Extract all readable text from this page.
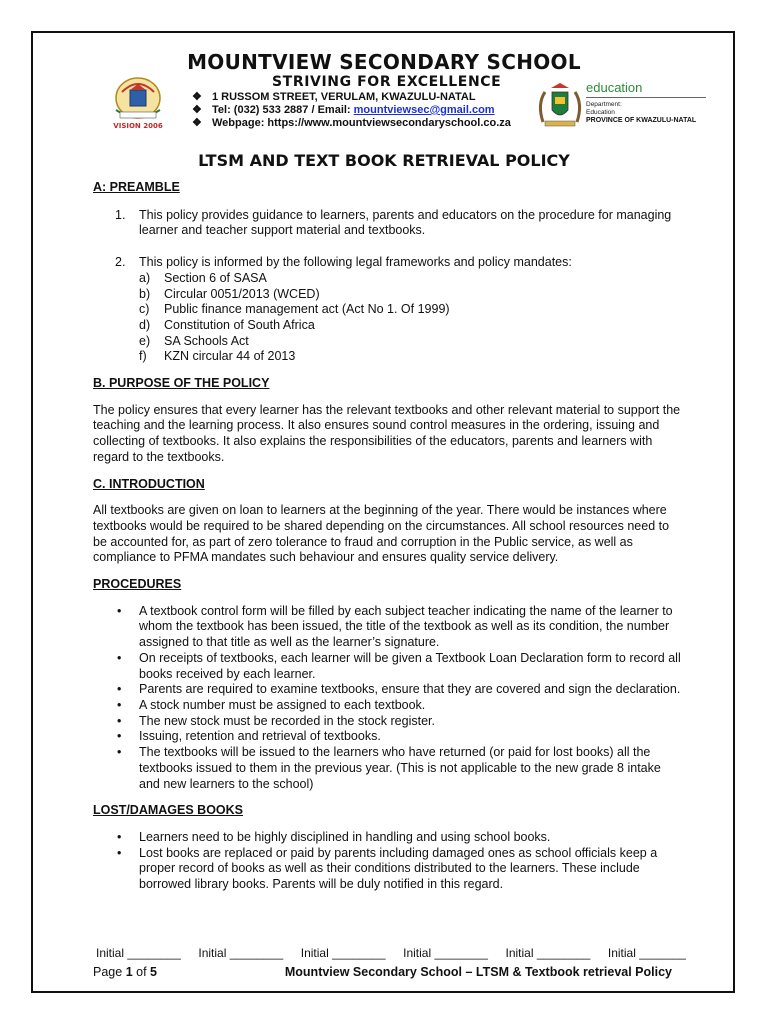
MOUNTVIEW SECONDARY SCHOOL
STRIVING FOR EXCELLENCE
VISION 2006
❖ 1 RUSSOM STREET, VERULAM, KWAZULU-NATAL
❖ Tel: (032) 533 2887 / Email: mountviewsec@gmail.com
❖ Webpage: https://www.mountviewsecondaryschool.co.za
education
Department:
Education
PROVINCE OF KWAZULU-NATAL
LTSM AND TEXT BOOK RETRIEVAL POLICY

A: PREAMBLE

1.	This policy provides guidance to learners, parents and educators on the procedure for managing learner and teacher support material and textbooks.
2.	This policy is informed by the following legal frameworks and policy mandates:
a)	Section 6 of SASA
b)	Circular 0051/2013 (WCED)
c)	Public finance management act (Act No 1. Of 1999)
d)	Constitution of South Africa
e)	SA Schools Act
f)	KZN circular 44 of 2013

B. PURPOSE OF THE POLICY

The policy ensures that every learner has the relevant textbooks and other relevant material to support the teaching and the learning process. It also ensures sound control measures in the ordering, issuing and collecting of textbooks. It also explains the responsibilities of the educators, parents and learners with regard to the textbooks.

C. INTRODUCTION

All textbooks are given on loan to learners at the beginning of the year. There would be instances where textbooks would be required to be shared depending on the circumstances. All school resources need to be accounted for, as part of zero tolerance to fraud and corruption in the Public service, as well as compliance to PFMA mandates such behaviour and ensures quality service delivery.

PROCEDURES

•	A textbook control form will be filled by each subject teacher indicating the name of the learner to whom the textbook has been issued, the title of the textbook as well as its condition, the number assigned to that title as well as the learner’s signature.
•	On receipts of textbooks, each learner will be given a Textbook Loan Declaration form to record all books received by each learner.
•	Parents are required to examine textbooks, ensure that they are covered and sign the declaration.
•	A stock number must be assigned to each textbook.
•	The new stock must be recorded in the stock register.
•	Issuing, retention and retrieval of textbooks.
•	The textbooks will be issued to the learners who have returned (or paid for lost books) all the textbooks issued to them in the previous year. (This is not applicable to the new grade 8 intake and new learners to the school)

LOST/DAMAGES BOOKS

•	Learners need to be highly disciplined in handling and using school books.
•	Lost books are replaced or paid by parents including damaged ones as school officials keep a proper record of books as well as their conditions distributed to the learners. These include borrowed library books. Parents will be duly notified in this regard.
Initial ________ Initial ________ Initial ________ Initial ________ Initial ________ Initial _______
Page 1 of 5	Mountview Secondary School – LTSM & Textbook retrieval Policy
